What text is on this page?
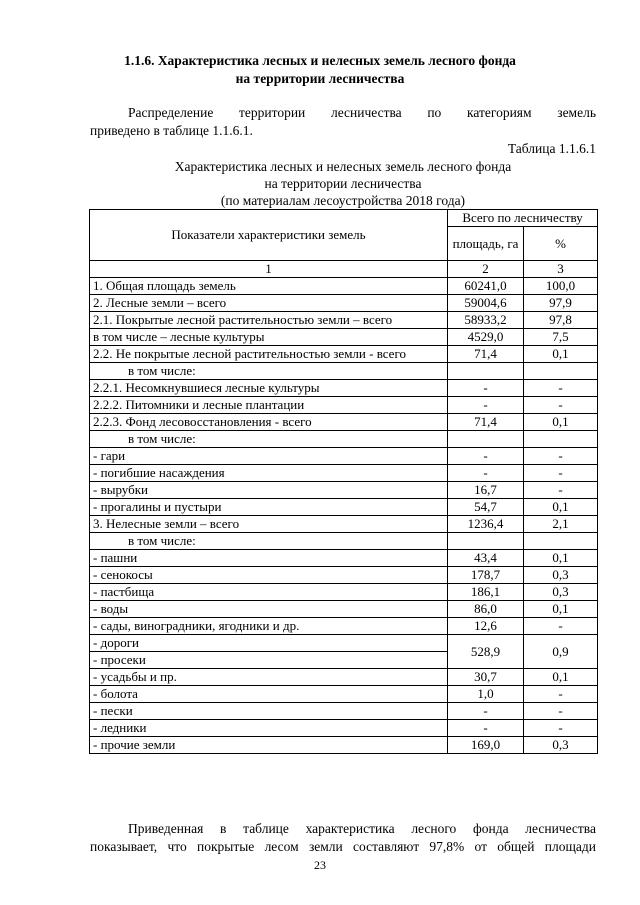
1.1.6. Характеристика лесных и нелесных земель лесного фонда
на территории лесничества
Распределение территории лесничества по категориям земель
приведено в таблице 1.1.6.1.
Таблица 1.1.6.1
Характеристика лесных и нелесных земель лесного фонда
на территории лесничества
(по материалам лесоустройства 2018 года)
Показатели характеристики земель	Всего по лесничеству	
	площадь, га	%
1	2	3
1. Общая площадь земель	60241,0	100,0
2. Лесные земли – всего	59004,6	97,9
2.1. Покрытые лесной растительностью земли – всего	58933,2	97,8
в том числе – лесные культуры	4529,0	7,5
2.2. Не покрытые лесной растительностью земли - всего	71,4	0,1
в том числе:		
2.2.1. Несомкнувшиеся лесные культуры	-	-
2.2.2. Питомники и лесные плантации	-	-
2.2.3. Фонд лесовосстановления - всего	71,4	0,1
в том числе:		
- гари	-	-
- погибшие насаждения	-	-
- вырубки	16,7	-
- прогалины и пустыри	54,7	0,1
3. Нелесные земли – всего	1236,4	2,1
в том числе:		
- пашни	43,4	0,1
- сенокосы	178,7	0,3
- пастбища	186,1	0,3
- воды	86,0	0,1
- сады, виноградники, ягодники и др.	12,6	-
- дороги	528,9	0,9
- просеки		
- усадьбы и пр.	30,7	0,1
- болота	1,0	-
- пески	-	-
- ледники	-	-
- прочие земли	169,0	0,3
Приведенная в таблице характеристика лесного фонда лесничества
показывает, что покрытые лесом земли составляют 97,8% от общей площади
23
